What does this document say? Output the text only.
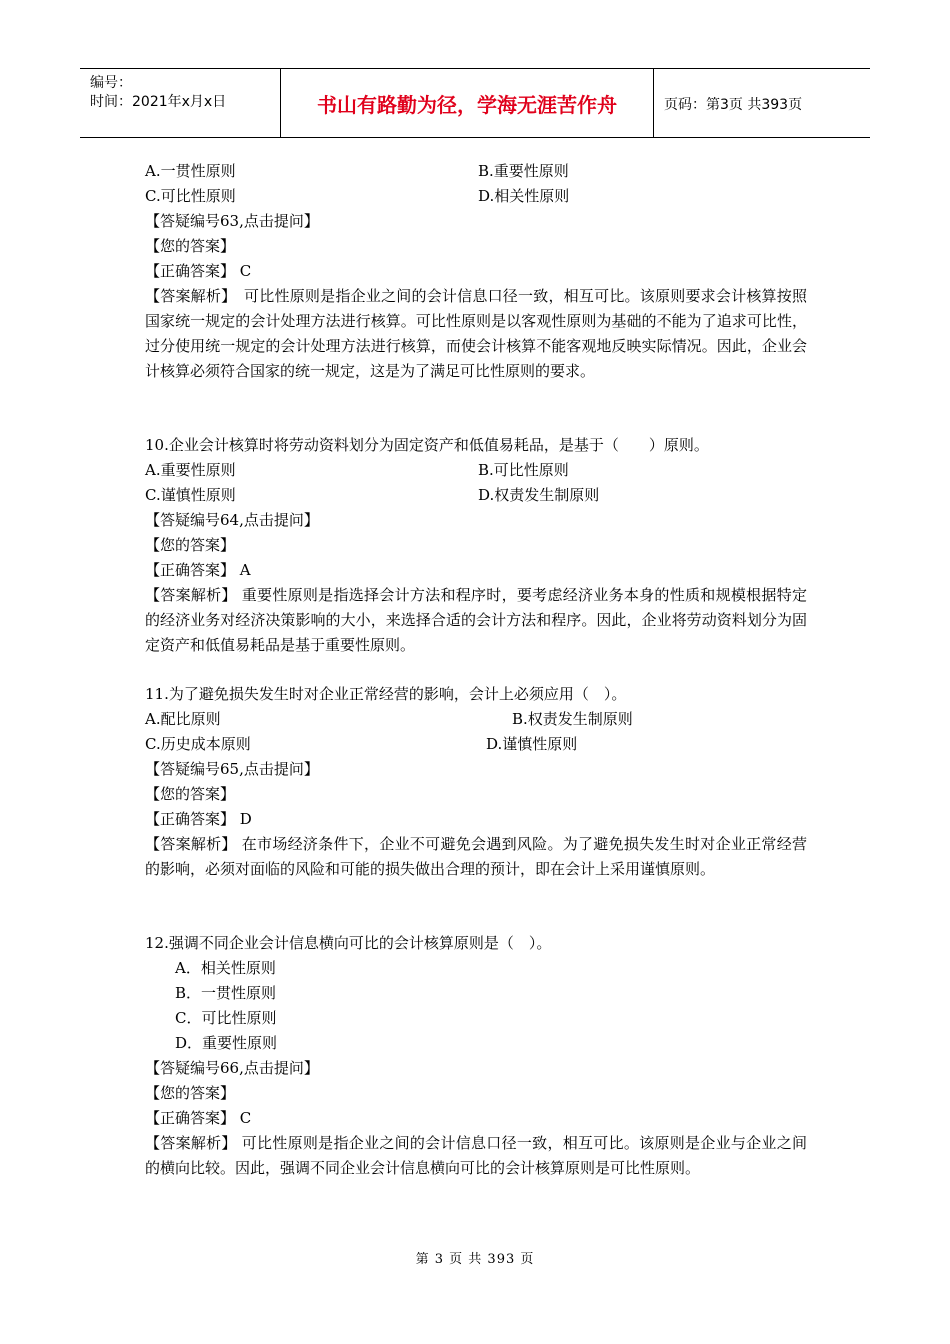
编号：
时间：2021年x月x日	书山有路勤为径，学海无涯苦作舟	页码：第3页 共393页
A.一贯性原则	B.重要性原则
C.可比性原则	D.相关性原则
【答疑编号63,点击提问】
【您的答案】
【正确答案】 C
【答案解析】　可比性原则是指企业之间的会计信息口径一致，相互可比。该原则要求会计核算按照国家统一规定的会计处理方法进行核算。可比性原则是以客观性原则为基础的不能为了追求可比性，过分使用统一规定的会计处理方法进行核算，而使会计核算不能客观地反映实际情况。因此，企业会计核算必须符合国家的统一规定，这是为了满足可比性原则的要求。
10.企业会计核算时将劳动资料划分为固定资产和低值易耗品，是基于（　　）原则。
A.重要性原则	B.可比性原则
C.谨慎性原则	D.权责发生制原则
【答疑编号64,点击提问】
【您的答案】
【正确答案】 A
【答案解析】 重要性原则是指选择会计方法和程序时，要考虑经济业务本身的性质和规模根据特定的经济业务对经济决策影响的大小，来选择合适的会计方法和程序。因此，企业将劳动资料划分为固定资产和低值易耗品是基于重要性原则。
11.为了避免损失发生时对企业正常经营的影响，会计上必须应用（　）。
A.配比原则	B.权责发生制原则
C.历史成本原则	D.谨慎性原则
【答疑编号65,点击提问】
【您的答案】
【正确答案】 D
【答案解析】 在市场经济条件下，企业不可避免会遇到风险。为了避免损失发生时对企业正常经营的影响，必须对面临的风险和可能的损失做出合理的预计，即在会计上采用谨慎原则。
12.强调不同企业会计信息横向可比的会计核算原则是（　）。
A．相关性原则
B．一贯性原则
C．可比性原则
D．重要性原则
【答疑编号66,点击提问】
【您的答案】
【正确答案】 C
【答案解析】 可比性原则是指企业之间的会计信息口径一致，相互可比。该原则是企业与企业之间的横向比较。因此，强调不同企业会计信息横向可比的会计核算原则是可比性原则。
第 3 页 共 393 页
